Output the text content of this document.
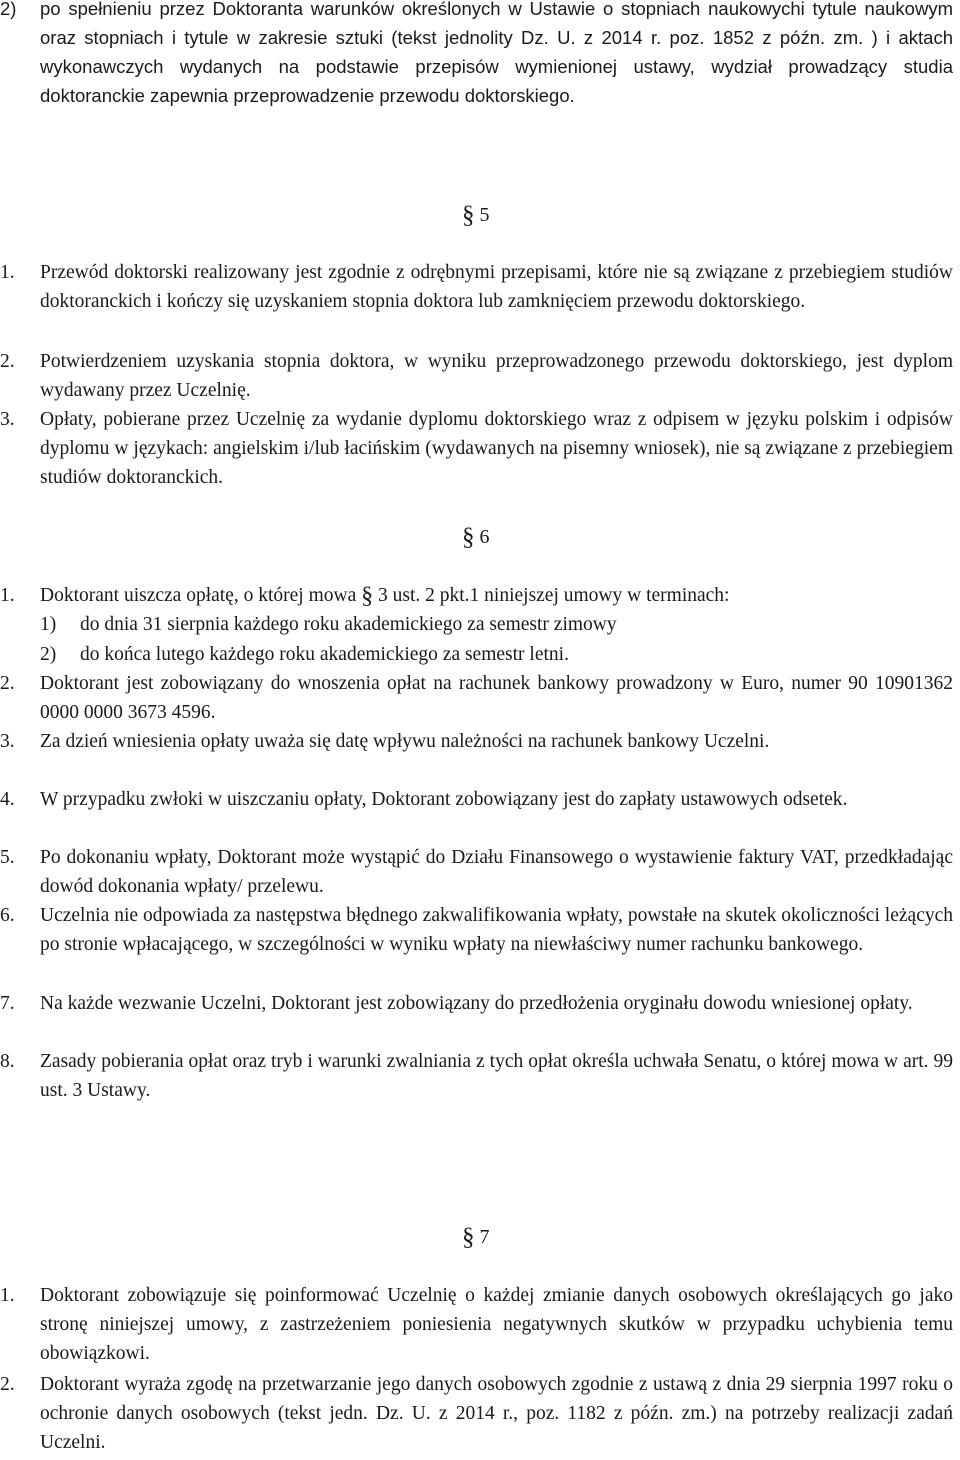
2) po spełnieniu przez Doktoranta warunków określonych w Ustawie o stopniach naukowychi tytule naukowym oraz stopniach i tytule w zakresie sztuki (tekst jednolity Dz. U. z 2014 r. poz. 1852 z późn. zm. ) i aktach wykonawczych wydanych na podstawie przepisów wymienionej ustawy, wydział prowadzący studia doktoranckie zapewnia przeprowadzenie przewodu doktorskiego.
§ 5
1. Przewód doktorski realizowany jest zgodnie z odrębnymi przepisami, które nie są związane z przebiegiem studiów doktoranckich i kończy się uzyskaniem stopnia doktora lub zamknięciem przewodu doktorskiego.
2. Potwierdzeniem uzyskania stopnia doktora, w wyniku przeprowadzonego przewodu doktorskiego, jest dyplom wydawany przez Uczelnię.
3. Opłaty, pobierane przez Uczelnię za wydanie dyplomu doktorskiego wraz z odpisem w języku polskim i odpisów dyplomu w językach: angielskim i/lub łacińskim (wydawanych na pisemny wniosek), nie są związane z przebiegiem studiów doktoranckich.
§ 6
1. Doktorant uiszcza opłatę, o której mowa § 3 ust. 2 pkt.1 niniejszej umowy w terminach:
1) do dnia 31 sierpnia każdego roku akademickiego za semestr zimowy
2) do końca lutego każdego roku akademickiego za semestr letni.
2. Doktorant jest zobowiązany do wnoszenia opłat na rachunek bankowy prowadzony w Euro, numer 90 10901362 0000 0000 3673 4596.
3. Za dzień wniesienia opłaty uważa się datę wpływu należności na rachunek bankowy Uczelni.
4. W przypadku zwłoki w uiszczaniu opłaty, Doktorant zobowiązany jest do zapłaty ustawowych odsetek.
5. Po dokonaniu wpłaty, Doktorant może wystąpić do Działu Finansowego o wystawienie faktury VAT, przedkładając dowód dokonania wpłaty/ przelewu.
6. Uczelnia nie odpowiada za następstwa błędnego zakwalifikowania wpłaty, powstałe na skutek okoliczności leżących po stronie wpłacającego, w szczególności w wyniku wpłaty na niewłaściwy numer rachunku bankowego.
7. Na każde wezwanie Uczelni, Doktorant jest zobowiązany do przedłożenia oryginału dowodu wniesionej opłaty.
8. Zasady pobierania opłat oraz tryb i warunki zwalniania z tych opłat określa uchwała Senatu, o której mowa w art. 99 ust. 3 Ustawy.
§ 7
1. Doktorant zobowiązuje się poinformować Uczelnię o każdej zmianie danych osobowych określających go jako stronę niniejszej umowy, z zastrzeżeniem poniesienia negatywnych skutków w przypadku uchybienia temu obowiązkowi.
2. Doktorant wyraża zgodę na przetwarzanie jego danych osobowych zgodnie z ustawą z dnia 29 sierpnia 1997 roku o ochronie danych osobowych (tekst jedn. Dz. U. z 2014 r., poz. 1182 z późn. zm.) na potrzeby realizacji zadań Uczelni.
